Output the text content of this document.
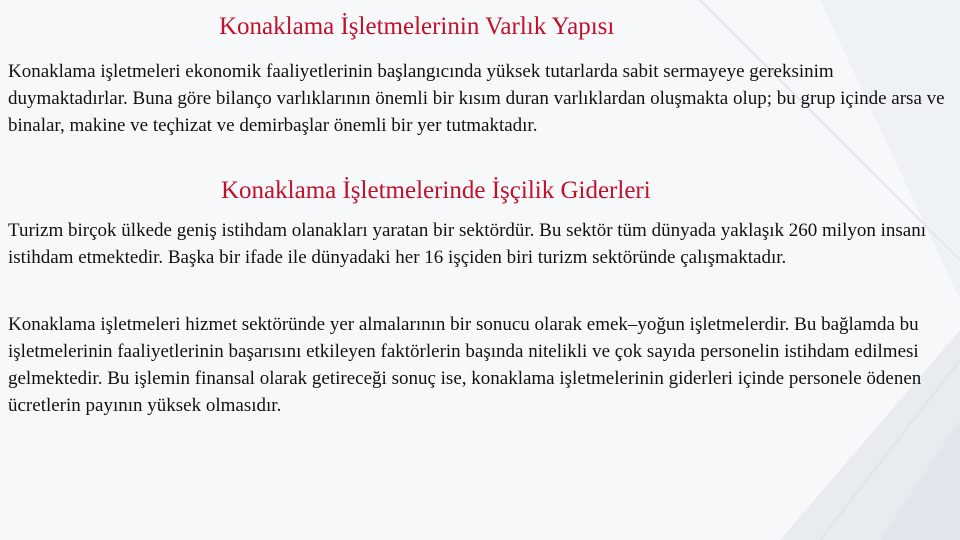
Konaklama İşletmelerinin Varlık Yapısı

Konaklama işletmeleri ekonomik faaliyetlerinin başlangıcında yüksek tutarlarda sabit sermayeye gereksinim duymaktadırlar. Buna göre bilanço varlıklarının önemli bir kısım duran varlıklardan oluşmakta olup; bu grup içinde arsa ve binalar, makine ve teçhizat ve demirbaşlar önemli bir yer tutmaktadır.

Konaklama İşletmelerinde İşçilik Giderleri

Turizm birçok ülkede geniş istihdam olanakları yaratan bir sektördür. Bu sektör tüm dünyada yaklaşık 260 milyon insanı istihdam etmektedir. Başka bir ifade ile dünyadaki her 16 işçiden biri turizm sektöründe çalışmaktadır.

Konaklama işletmeleri hizmet sektöründe yer almalarının bir sonucu olarak emek–yoğun işletmelerdir. Bu bağlamda bu işletmelerinin faaliyetlerinin başarısını etkileyen faktörlerin başında nitelikli ve çok sayıda personelin istihdam edilmesi gelmektedir. Bu işlemin finansal olarak getireceği sonuç ise, konaklama işletmelerinin giderleri içinde personele ödenen ücretlerin payının yüksek olmasıdır.
